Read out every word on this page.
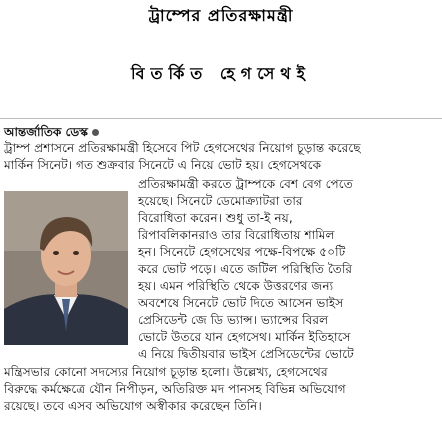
ট্রাম্পের প্রতিরক্ষামন্ত্রী
বিতর্কিত হেগসেথই
আন্তর্জাতিক ডেস্ক
ট্রাম্প প্রশাসনে প্রতিরক্ষামন্ত্রী হিসেবে পিট হেগসেথের নিয়োগ চূড়ান্ত করেছে
মার্কিন সিনেট। গত শুক্রবার সিনেটে এ নিয়ে ভোট হয়। হেগসেথকে
প্রতিরক্ষামন্ত্রী করতে ট্রাম্পকে বেশ বেগ পেতে
হয়েছে। সিনেটে ডেমোক্র্যাটরা তার
বিরোধিতা করেন। শুধু তা-ই নয়,
রিপাবলিকানরাও তার বিরোধিতায় শামিল
হন। সিনেটে হেগসেথের পক্ষে-বিপক্ষে ৫০টি
করে ভোট পড়ে। এতে জটিল পরিস্থিতি তৈরি
হয়। এমন পরিস্থিতি থেকে উত্তরণের জন্য
অবশেষে সিনেটে ভোট দিতে আসেন ভাইস
প্রেসিডেন্ট জে ডি ভ্যান্স। ভ্যান্সের বিরল
ভোটে উতরে যান হেগসেথ। মার্কিন ইতিহাসে
এ নিয়ে দ্বিতীয়বার ভাইস প্রেসিডেন্টের ভোটে
মন্ত্রিসভার কোনো সদস্যের নিয়োগ চূড়ান্ত হলো। উল্লেখ্য, হেগসেথের
বিরুদ্ধে কর্মক্ষেত্রে যৌন নিপীড়ন, অতিরিক্ত মদ পানসহ বিভিন্ন অভিযোগ
রয়েছে। তবে এসব অভিযোগ অস্বীকার করেছেন তিনি।
